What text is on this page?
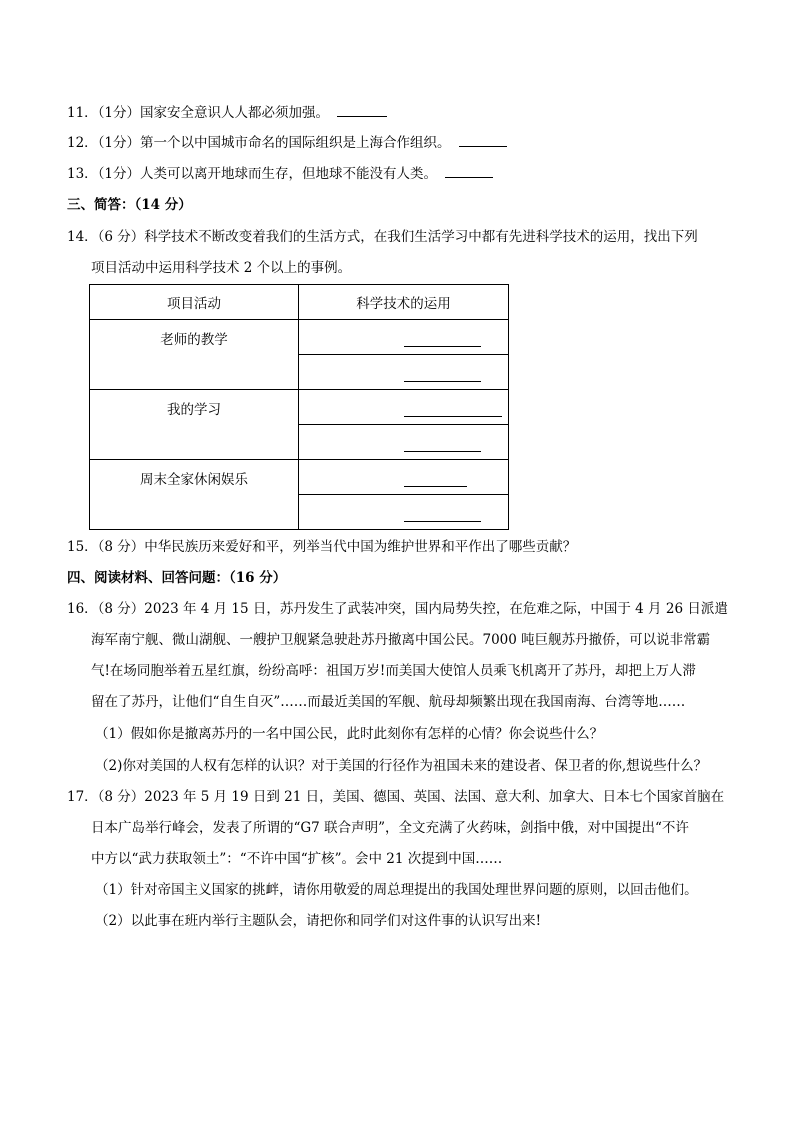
11．（1分）国家安全意识人人都必须加强。
12．（1分）第一个以中国城市命名的国际组织是上海合作组织。
13．（1分）人类可以离开地球而生存，但地球不能没有人类。
三、简答：（14 分）
14．（6 分）科学技术不断改变着我们的生活方式，在我们生活学习中都有先进科学技术的运用，找出下列
项目活动中运用科学技术 2 个以上的事例。
项目活动	科学技术的运用
老师的教学	

我的学习	

周末全家休闲娱乐	

15．（8 分）中华民族历来爱好和平，列举当代中国为维护世界和平作出了哪些贡献？
四、阅读材料、回答问题：（16 分）
16．（8 分）2023 年 4 月 15 日，苏丹发生了武装冲突，国内局势失控，在危难之际，中国于 4 月 26 日派遣
海军南宁舰、微山湖舰、一艘护卫舰紧急驶赴苏丹撤离中国公民。7000 吨巨舰苏丹撤侨，可以说非常霸
气!在场同胞举着五星红旗，纷纷高呼：祖国万岁!而美国大使馆人员乘飞机离开了苏丹，却把上万人滞
留在了苏丹，让他们“自生自灭”……而最近美国的军舰、航母却频繁出现在我国南海、台湾等地……
（1）假如你是撤离苏丹的一名中国公民，此时此刻你有怎样的心情？你会说些什么？
（2)你对美国的人权有怎样的认识？对于美国的行径作为祖国未来的建设者、保卫者的你,想说些什么？
17．（8 分）2023 年 5 月 19 日到 21 日，美国、德国、英国、法国、意大利、加拿大、日本七个国家首脑在
日本广岛举行峰会，发表了所谓的“G7 联合声明”，全文充满了火药味，剑指中俄，对中国提出“不许
中方以“武力获取领土”：“不许中国“扩核”。会中 21 次提到中国……
（1）针对帝国主义国家的挑衅，请你用敬爱的周总理提出的我国处理世界问题的原则，以回击他们。
（2）以此事在班内举行主题队会，请把你和同学们对这件事的认识写出来!
